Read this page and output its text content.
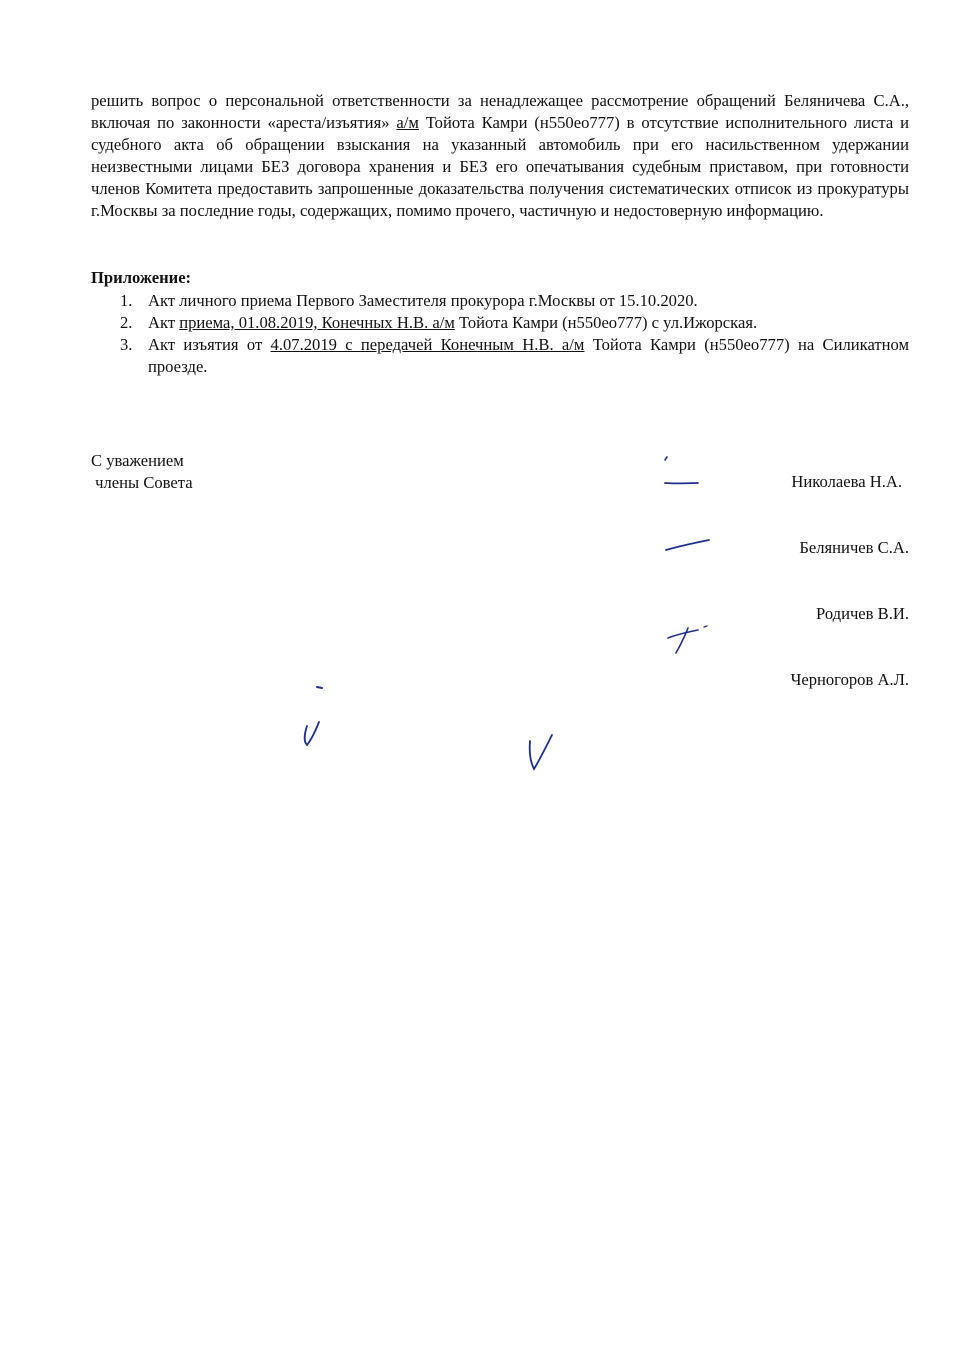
решить вопрос о персональной ответственности за ненадлежащее рассмотрение обращений Беляничева С.А., включая по законности «ареста/изъятия» а/м Тойота Камри (н550ео777) в отсутствие исполнительного листа и судебного акта об обращении взыскания на указанный автомобиль при его насильственном удержании неизвестными лицами БЕЗ договора хранения и БЕЗ его опечатывания судебным приставом, при готовности членов Комитета предоставить запрошенные доказательства получения систематических отписок из прокуратуры г.Москвы за последние годы, содержащих, помимо прочего, частичную и недостоверную информацию.

Приложение:

1. Акт личного приема Первого Заместителя прокурора г.Москвы от 15.10.2020.
2. Акт приема, 01.08.2019, Конечных Н.В. а/м Тойота Камри (н550ео777) с ул.Ижорская.
3. Акт изъятия от 4.07.2019 с передачей Конечным Н.В. а/м Тойота Камри (н550ео777) на Силикатном проезде.
С уважением
члены Совета	Николаева Н.А.
Беляничев С.А.
Родичев В.И.
Черногоров А.Л.
